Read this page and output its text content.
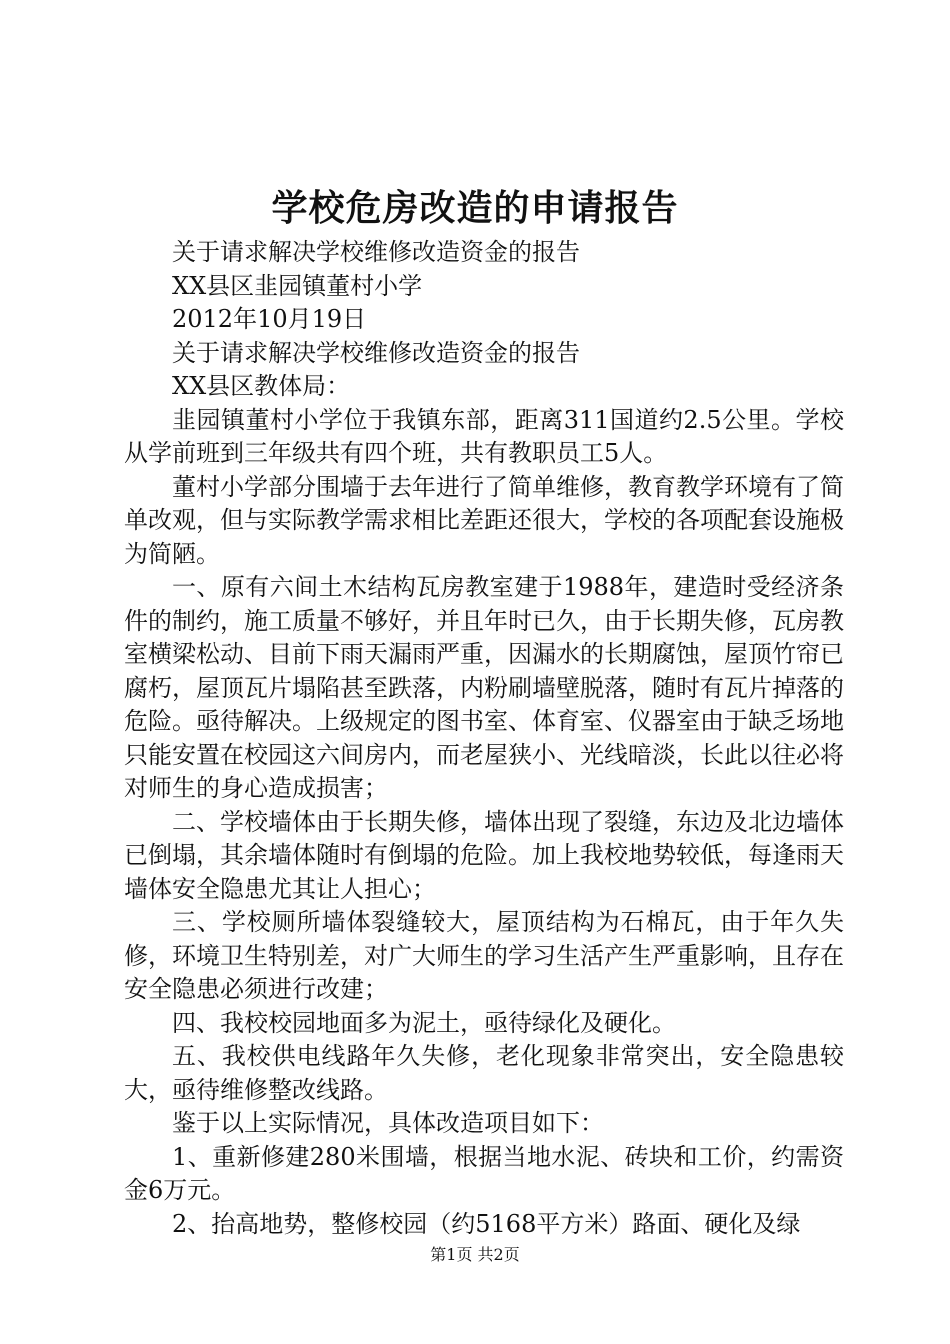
学校危房改造的申请报告

关于请求解决学校维修改造资金的报告

XX县区韭园镇董村小学

2012年10月19日

关于请求解决学校维修改造资金的报告

XX县区教体局：

韭园镇董村小学位于我镇东部，距离311国道约2.5公里。学校从学前班到三年级共有四个班，共有教职员工5人。

董村小学部分围墙于去年进行了简单维修，教育教学环境有了简单改观，但与实际教学需求相比差距还很大，学校的各项配套设施极为简陋。

一、原有六间土木结构瓦房教室建于1988年，建造时受经济条件的制约，施工质量不够好，并且年时已久，由于长期失修，瓦房教室横梁松动、目前下雨天漏雨严重，因漏水的长期腐蚀，屋顶竹帘已腐朽，屋顶瓦片塌陷甚至跌落，内粉刷墙壁脱落，随时有瓦片掉落的危险。亟待解决。上级规定的图书室、体育室、仪器室由于缺乏场地只能安置在校园这六间房内，而老屋狭小、光线暗淡，长此以往必将对师生的身心造成损害；

二、学校墙体由于长期失修，墙体出现了裂缝，东边及北边墙体已倒塌，其余墙体随时有倒塌的危险。加上我校地势较低，每逢雨天墙体安全隐患尤其让人担心；

三、学校厕所墙体裂缝较大，屋顶结构为石棉瓦，由于年久失修，环境卫生特别差，对广大师生的学习生活产生严重影响，且存在安全隐患必须进行改建；

四、我校校园地面多为泥土，亟待绿化及硬化。

五、我校供电线路年久失修，老化现象非常突出，安全隐患较大，亟待维修整改线路。

鉴于以上实际情况，具体改造项目如下：

1、重新修建280米围墙，根据当地水泥、砖块和工价，约需资金6万元。

2、抬高地势，整修校园（约5168平方米）路面、硬化及绿

第1页 共2页
